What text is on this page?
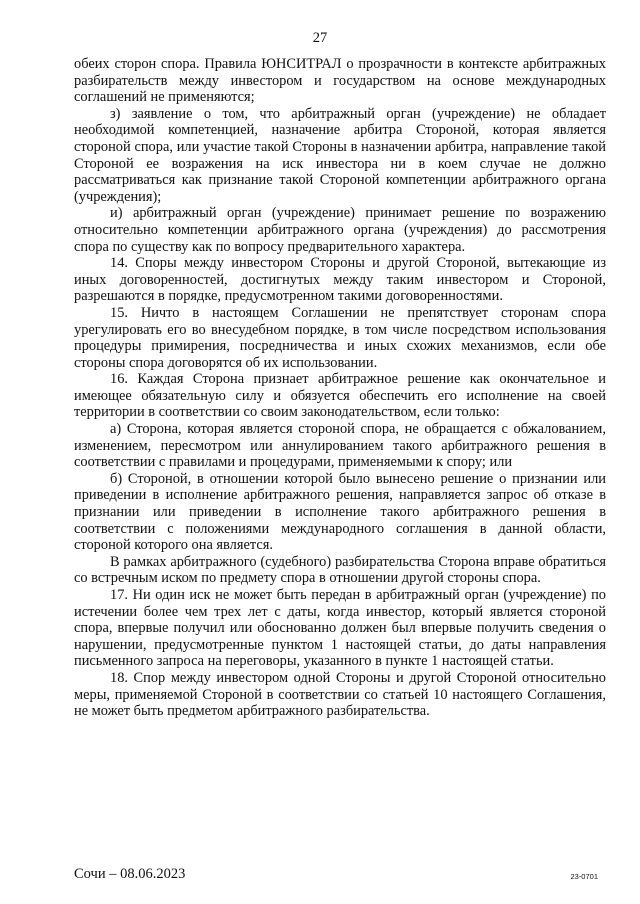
27

обеих сторон спора. Правила ЮНСИТРАЛ о прозрачности в контексте арбитражных разбирательств между инвестором и государством на основе международных соглашений не применяются;

з) заявление о том, что арбитражный орган (учреждение) не обладает необходимой компетенцией, назначение арбитра Стороной, которая является стороной спора, или участие такой Стороны в назначении арбитра, направление такой Стороной ее возражения на иск инвестора ни в коем случае не должно рассматриваться как признание такой Стороной компетенции арбитражного органа (учреждения);

и) арбитражный орган (учреждение) принимает решение по возражению относительно компетенции арбитражного органа (учреждения) до рассмотрения спора по существу как по вопросу предварительного характера.

14. Споры между инвестором Стороны и другой Стороной, вытекающие из иных договоренностей, достигнутых между таким инвестором и Стороной, разрешаются в порядке, предусмотренном такими договоренностями.

15. Ничто в настоящем Соглашении не препятствует сторонам спора урегулировать его во внесудебном порядке, в том числе посредством использования процедуры примирения, посредничества и иных схожих механизмов, если обе стороны спора договорятся об их использовании.

16. Каждая Сторона признает арбитражное решение как окончательное и имеющее обязательную силу и обязуется обеспечить его исполнение на своей территории в соответствии со своим законодательством, если только:

а) Сторона, которая является стороной спора, не обращается с обжалованием, изменением, пересмотром или аннулированием такого арбитражного решения в соответствии с правилами и процедурами, применяемыми к спору; или

б) Стороной, в отношении которой было вынесено решение о признании или приведении в исполнение арбитражного решения, направляется запрос об отказе в признании или приведении в исполнение такого арбитражного решения в соответствии с положениями международного соглашения в данной области, стороной которого она является.

В рамках арбитражного (судебного) разбирательства Сторона вправе обратиться со встречным иском по предмету спора в отношении другой стороны спора.

17. Ни один иск не может быть передан в арбитражный орган (учреждение) по истечении более чем трех лет с даты, когда инвестор, который является стороной спора, впервые получил или обоснованно должен был впервые получить сведения о нарушении, предусмотренные пунктом 1 настоящей статьи, до даты направления письменного запроса на переговоры, указанного в пункте 1 настоящей статьи.

18. Спор между инвестором одной Стороны и другой Стороной относительно меры, применяемой Стороной в соответствии со статьей 10 настоящего Соглашения, не может быть предметом арбитражного разбирательства.

Сочи – 08.06.2023	23-0701
